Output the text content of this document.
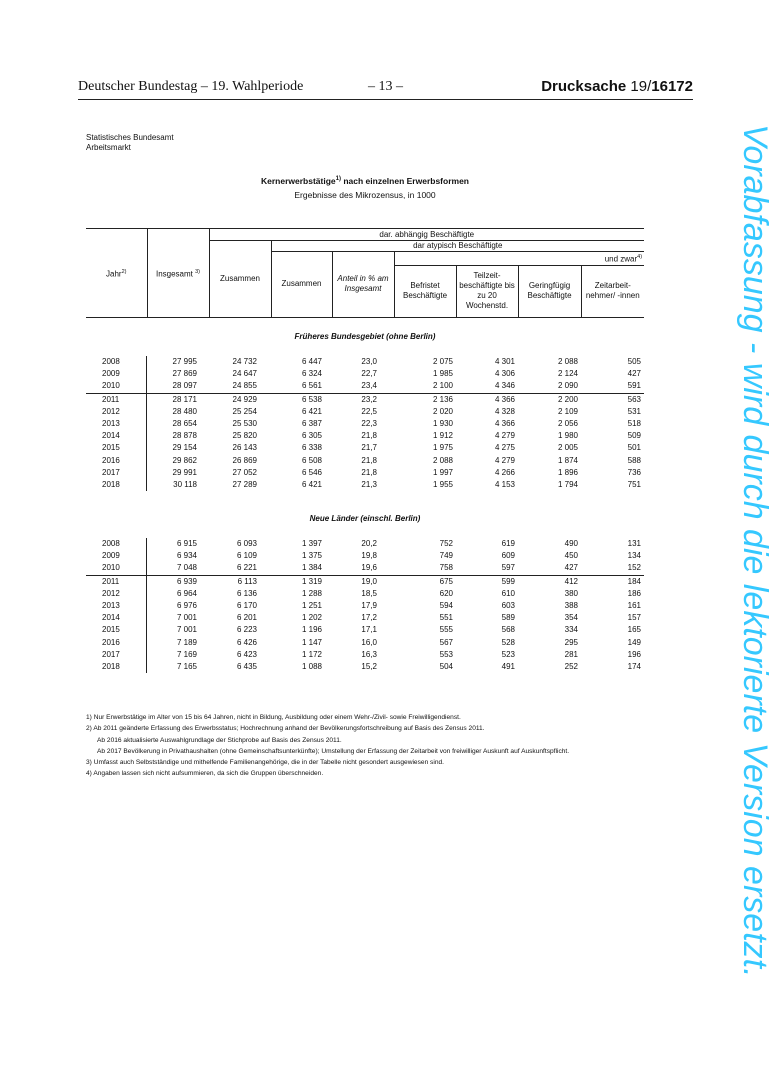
Deutscher Bundestag – 19. Wahlperiode	– 13 –	Drucksache 19/16172
Statistisches Bundesamt
Arbeitsmarkt
Kernerwerbstätige$^{1)}$ nach einzelnen Erwerbsformen
Ergebnisse des Mikrozensus, in 1000
Jahr$^{2)}$	Insgesamt $^{3)}$	dar. abhängig Beschäftigte						
		Zusammen	dar atypisch Beschäftigte					
			Zusammen	Anteil in % am Insgesamt	und zwar$^{4)}$
					Befristet Beschäftigte	Teilzeit-beschäftigte bis zu 20 Wochenstd.	Geringfügig Beschäftigte	Zeitarbeit-nehmer/ -innen
Früheres Bundesgebiet (ohne Berlin)
2008	27 995	24 732	6 447	23,0	2 075	4 301	2 088	505
2009	27 869	24 647	6 324	22,7	1 985	4 306	2 124	427
2010	28 097	24 855	6 561	23,4	2 100	4 346	2 090	591
2011	28 171	24 929	6 538	23,2	2 136	4 366	2 200	563
2012	28 480	25 254	6 421	22,5	2 020	4 328	2 109	531
2013	28 654	25 530	6 387	22,3	1 930	4 366	2 056	518
2014	28 878	25 820	6 305	21,8	1 912	4 279	1 980	509
2015	29 154	26 143	6 338	21,7	1 975	4 275	2 005	501
2016	29 862	26 869	6 508	21,8	2 088	4 279	1 874	588
2017	29 991	27 052	6 546	21,8	1 997	4 266	1 896	736
2018	30 118	27 289	6 421	21,3	1 955	4 153	1 794	751
Neue Länder (einschl. Berlin)
2008	6 915	6 093	1 397	20,2	752	619	490	131
2009	6 934	6 109	1 375	19,8	749	609	450	134
2010	7 048	6 221	1 384	19,6	758	597	427	152
2011	6 939	6 113	1 319	19,0	675	599	412	184
2012	6 964	6 136	1 288	18,5	620	610	380	186
2013	6 976	6 170	1 251	17,9	594	603	388	161
2014	7 001	6 201	1 202	17,2	551	589	354	157
2015	7 001	6 223	1 196	17,1	555	568	334	165
2016	7 189	6 426	1 147	16,0	567	528	295	149
2017	7 169	6 423	1 172	16,3	553	523	281	196
2018	7 165	6 435	1 088	15,2	504	491	252	174
1) Nur Erwerbstätige im Alter von 15 bis 64 Jahren, nicht in Bildung, Ausbildung oder einem Wehr-/Zivil- sowie Freiwilligendienst.
2) Ab 2011 geänderte Erfassung des Erwerbsstatus; Hochrechnung anhand der Bevölkerungsfortschreibung auf Basis des Zensus 2011.
Ab 2016 aktualisierte Auswahlgrundlage der Stichprobe auf Basis des Zensus 2011.
Ab 2017 Bevölkerung in Privathaushalten (ohne Gemeinschaftsunterkünfte); Umstellung der Erfassung der Zeitarbeit von freiwilliger Auskunft auf Auskunftspflicht.
3) Umfasst auch Selbstständige und mithelfende Familienangehörige, die in der Tabelle nicht gesondert ausgewiesen sind.
4) Angaben lassen sich nicht aufsummieren, da sich die Gruppen überschneiden.	Vorabfassung - wird durch die lektorierte Version ersetzt.
